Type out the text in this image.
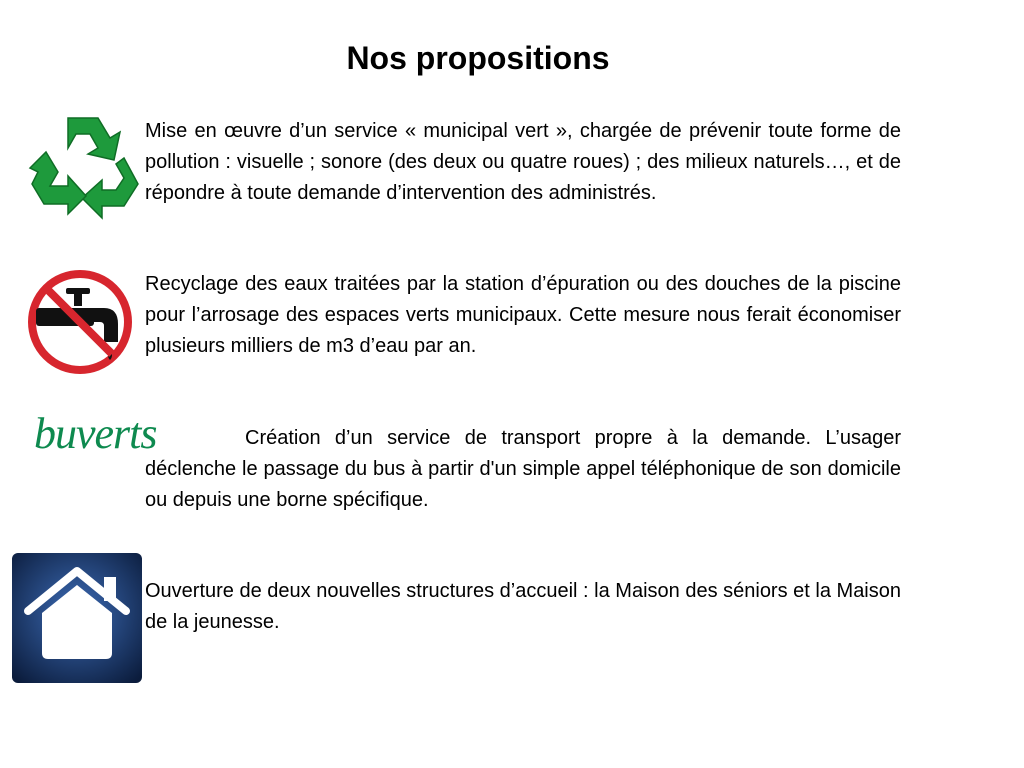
Nos propositions
Mise en œuvre d’un service « municipal vert », chargée de prévenir toute forme de pollution : visuelle ; sonore (des deux ou quatre roues) ; des milieux naturels…, et de répondre à toute demande d’intervention des administrés.
Recyclage des eaux traitées par la station d’épuration ou des douches de la piscine pour l’arrosage des espaces verts municipaux. Cette mesure nous ferait économiser plusieurs milliers de m3 d’eau par an.
buverts	Création d’un service de transport propre à la demande. L’usager déclenche le passage du bus à partir d'un simple appel téléphonique de son domicile ou depuis une borne spécifique.
Ouverture de deux nouvelles structures d’accueil : la Maison des séniors et la Maison de la jeunesse.
